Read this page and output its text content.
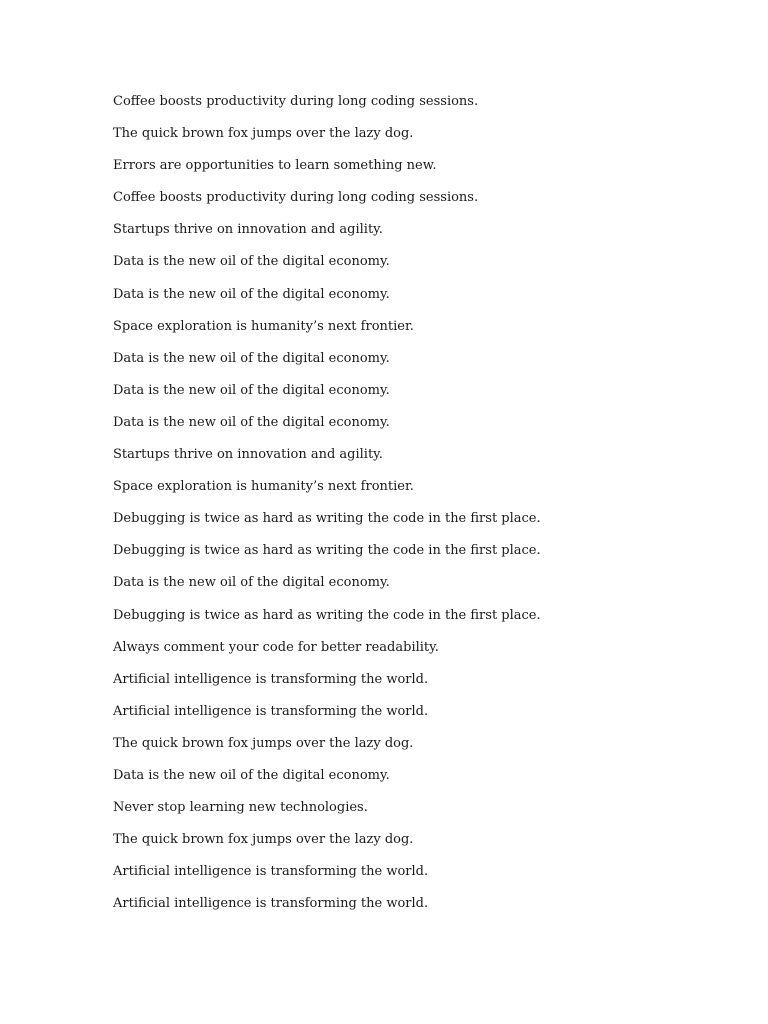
Coffee boosts productivity during long coding sessions.
The quick brown fox jumps over the lazy dog.
Errors are opportunities to learn something new.
Coffee boosts productivity during long coding sessions.
Startups thrive on innovation and agility.
Data is the new oil of the digital economy.
Data is the new oil of the digital economy.
Space exploration is humanity’s next frontier.
Data is the new oil of the digital economy.
Data is the new oil of the digital economy.
Data is the new oil of the digital economy.
Startups thrive on innovation and agility.
Space exploration is humanity’s next frontier.
Debugging is twice as hard as writing the code in the first place.
Debugging is twice as hard as writing the code in the first place.
Data is the new oil of the digital economy.
Debugging is twice as hard as writing the code in the first place.
Always comment your code for better readability.
Artificial intelligence is transforming the world.
Artificial intelligence is transforming the world.
The quick brown fox jumps over the lazy dog.
Data is the new oil of the digital economy.
Never stop learning new technologies.
The quick brown fox jumps over the lazy dog.
Artificial intelligence is transforming the world.
Artificial intelligence is transforming the world.
